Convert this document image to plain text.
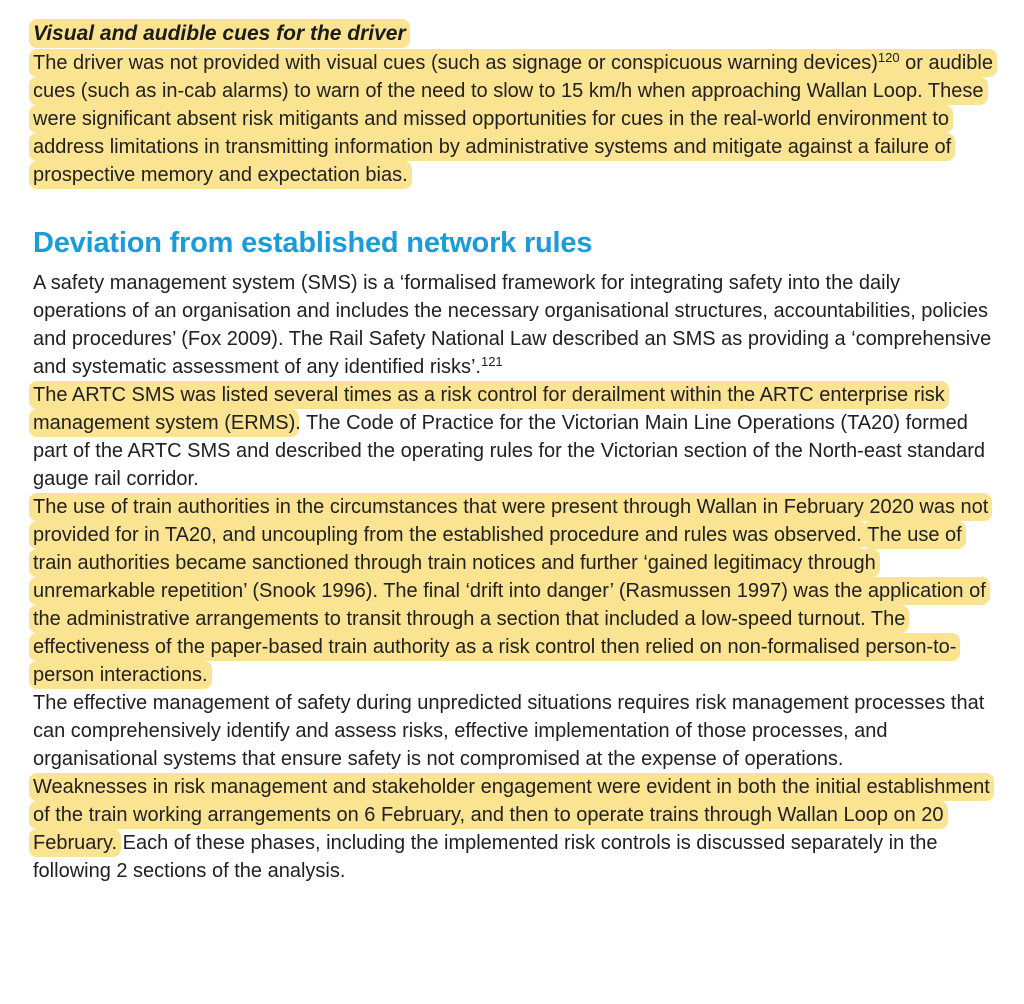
Visual and audible cues for the driver

The driver was not provided with visual cues (such as signage or conspicuous warning devices)$^{120}$ or audible cues (such as in-cab alarms) to warn of the need to slow to 15 km/h when approaching Wallan Loop. These were significant absent risk mitigants and missed opportunities for cues in the real-world environment to address limitations in transmitting information by administrative systems and mitigate against a failure of prospective memory and expectation bias.

Deviation from established network rules

A safety management system (SMS) is a ‘formalised framework for integrating safety into the daily operations of an organisation and includes the necessary organisational structures, accountabilities, policies and procedures’ (Fox 2009). The Rail Safety National Law described an SMS as providing a ‘comprehensive and systematic assessment of any identified risks’.$^{121}$

The ARTC SMS was listed several times as a risk control for derailment within the ARTC enterprise risk management system (ERMS). The Code of Practice for the Victorian Main Line Operations (TA20) formed part of the ARTC SMS and described the operating rules for the Victorian section of the North-east standard gauge rail corridor.

The use of train authorities in the circumstances that were present through Wallan in February 2020 was not provided for in TA20, and uncoupling from the established procedure and rules was observed. The use of train authorities became sanctioned through train notices and further ‘gained legitimacy through unremarkable repetition’ (Snook 1996). The final ‘drift into danger’ (Rasmussen 1997) was the application of the administrative arrangements to transit through a section that included a low-speed turnout. The effectiveness of the paper-based train authority as a risk control then relied on non-formalised person-to-person interactions.

The effective management of safety during unpredicted situations requires risk management processes that can comprehensively identify and assess risks, effective implementation of those processes, and organisational systems that ensure safety is not compromised at the expense of operations.

Weaknesses in risk management and stakeholder engagement were evident in both the initial establishment of the train working arrangements on 6 February, and then to operate trains through Wallan Loop on 20 February. Each of these phases, including the implemented risk controls is discussed separately in the following 2 sections of the analysis.
